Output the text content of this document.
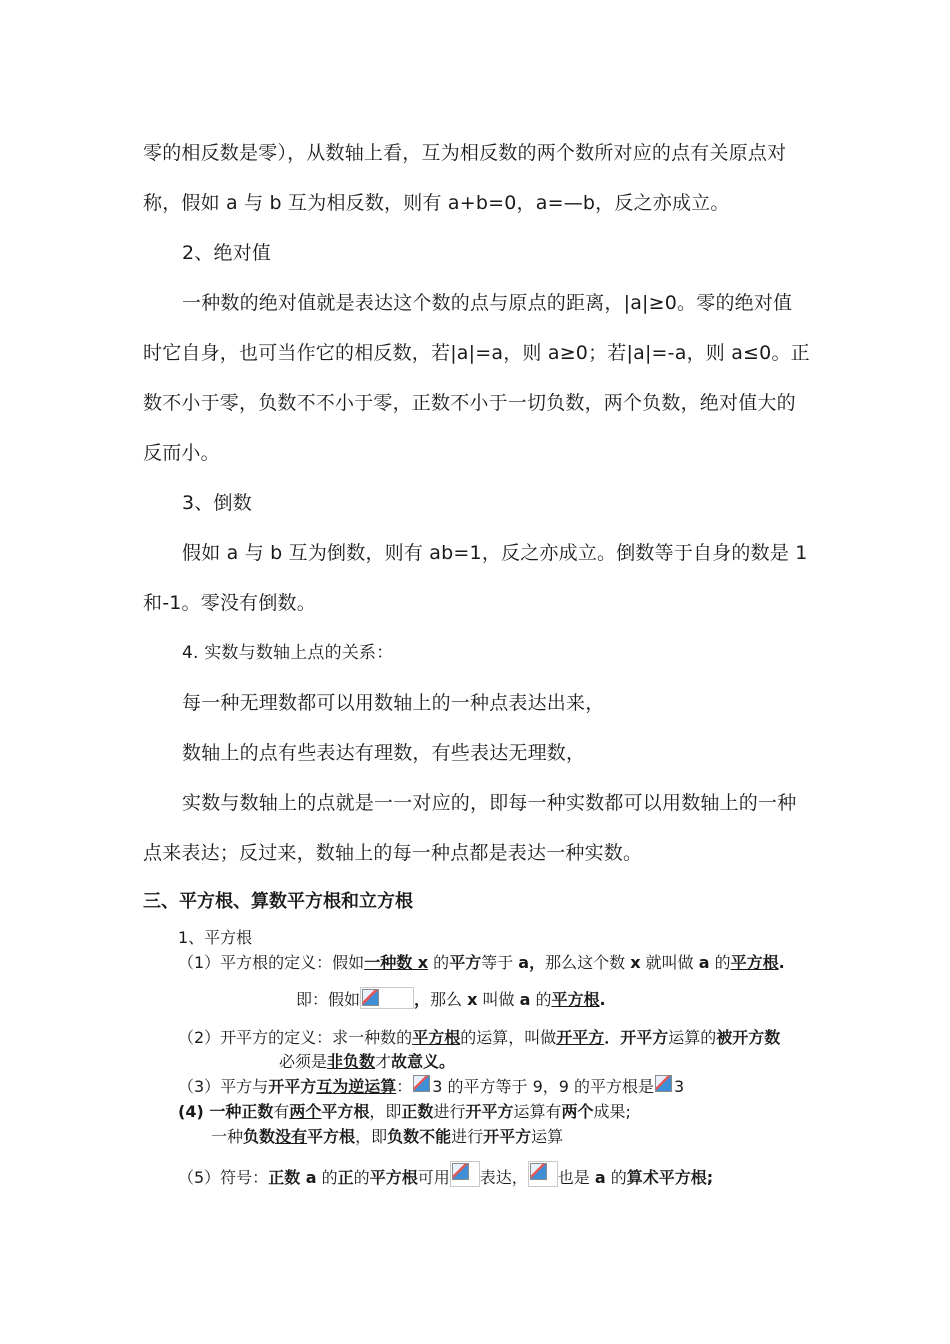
零的相反数是零），从数轴上看，互为相反数的两个数所对应的点有关原点对
称，假如 a 与 b 互为相反数，则有 a+b=0，a=—b，反之亦成立。
2、绝对值
一种数的绝对值就是表达这个数的点与原点的距离，|a|≥0。零的绝对值
时它自身，也可当作它的相反数，若|a|=a，则 a≥0；若|a|=-a，则 a≤0。正
数不小于零，负数不不小于零，正数不小于一切负数，两个负数，绝对值大的
反而小。
3、倒数
假如 a 与 b 互为倒数，则有 ab=1，反之亦成立。倒数等于自身的数是 1
和-1。零没有倒数。
4. 实数与数轴上点的关系：
每一种无理数都可以用数轴上的一种点表达出来，
数轴上的点有些表达有理数，有些表达无理数，
实数与数轴上的点就是一一对应的，即每一种实数都可以用数轴上的一种
点来表达；反过来，数轴上的每一种点都是表达一种实数。
三、平方根、算数平方根和立方根
1、平方根
（1）平方根的定义：假如一种数 x 的平方等于 a，那么这个数 x 就叫做 a 的平方根.
即：假如	，那么 x 叫做 a 的平方根.
（2）开平方的定义：求一种数的平方根的运算，叫做开平方．开平方运算的被开方数
必须是非负数才故意义。
（3）平方与开平方互为逆运算： 3 的平方等于 9，9 的平方根是 3
(4) 一种正数有两个平方根，即正数进行开平方运算有两个成果;
一种负数没有平方根，即负数不能进行开平方运算
（5）符号：正数 a 的正的平方根可用 表达， 也是 a 的算术平方根;
